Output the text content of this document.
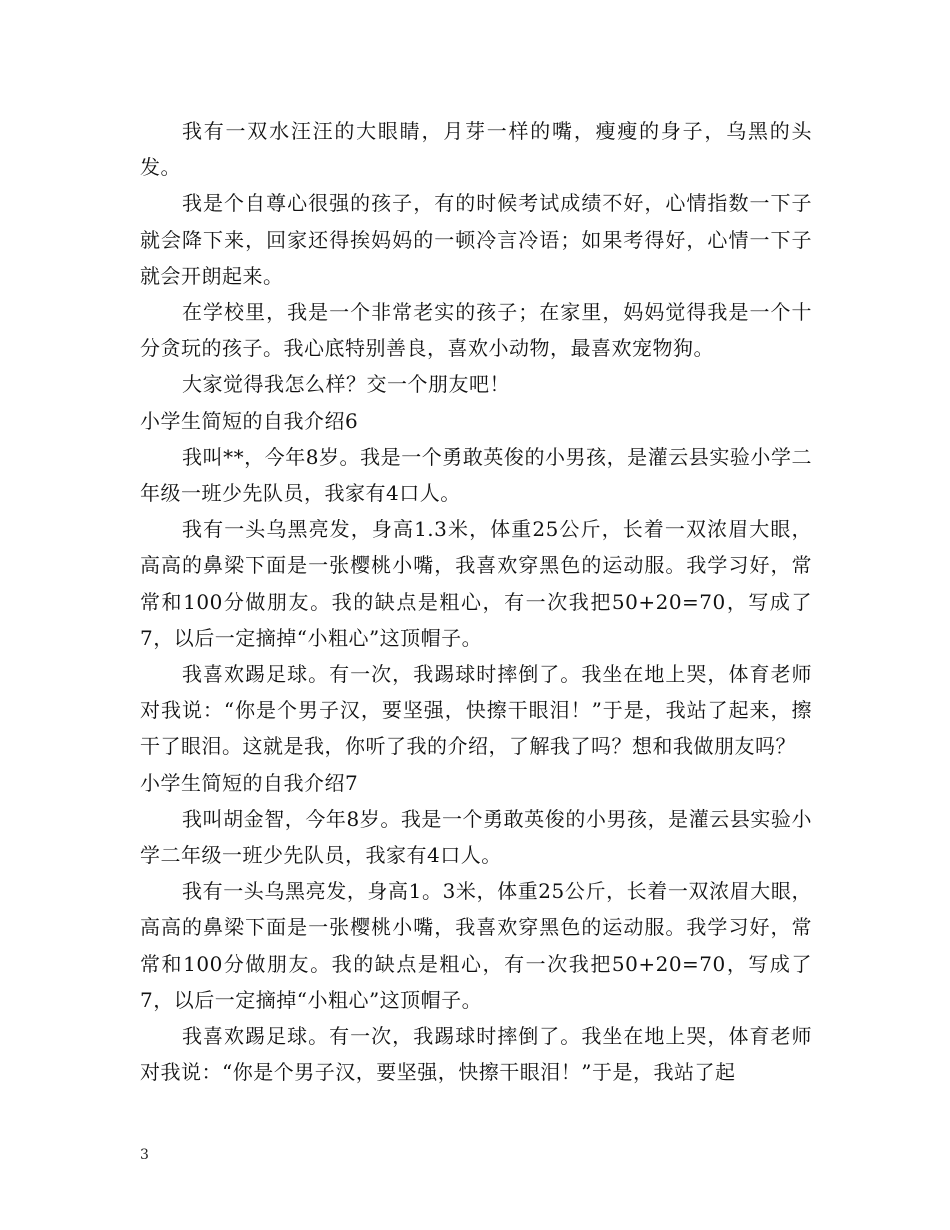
我有一双水汪汪的大眼睛，月芽一样的嘴，瘦瘦的身子，乌黑的头发。

我是个自尊心很强的孩子，有的时候考试成绩不好，心情指数一下子就会降下来，回家还得挨妈妈的一顿冷言冷语；如果考得好，心情一下子就会开朗起来。

在学校里，我是一个非常老实的孩子；在家里，妈妈觉得我是一个十分贪玩的孩子。我心底特别善良，喜欢小动物，最喜欢宠物狗。

大家觉得我怎么样？交一个朋友吧！

小学生简短的自我介绍6

我叫**，今年8岁。我是一个勇敢英俊的小男孩，是灌云县实验小学二年级一班少先队员，我家有4口人。

我有一头乌黑亮发，身高1.3米，体重25公斤，长着一双浓眉大眼，高高的鼻梁下面是一张樱桃小嘴，我喜欢穿黑色的运动服。我学习好，常常和100分做朋友。我的缺点是粗心，有一次我把50+20=70，写成了7，以后一定摘掉“小粗心”这顶帽子。

我喜欢踢足球。有一次，我踢球时摔倒了。我坐在地上哭，体育老师对我说：“你是个男子汉，要坚强，快擦干眼泪！”于是，我站了起来，擦干了眼泪。这就是我，你听了我的介绍，了解我了吗？想和我做朋友吗？

小学生简短的自我介绍7

我叫胡金智，今年8岁。我是一个勇敢英俊的小男孩，是灌云县实验小学二年级一班少先队员，我家有4口人。

我有一头乌黑亮发，身高1。3米，体重25公斤，长着一双浓眉大眼，高高的鼻梁下面是一张樱桃小嘴，我喜欢穿黑色的运动服。我学习好，常常和100分做朋友。我的缺点是粗心，有一次我把50+20=70，写成了7，以后一定摘掉“小粗心”这顶帽子。

我喜欢踢足球。有一次，我踢球时摔倒了。我坐在地上哭，体育老师对我说：“你是个男子汉，要坚强，快擦干眼泪！”于是，我站了起

3
